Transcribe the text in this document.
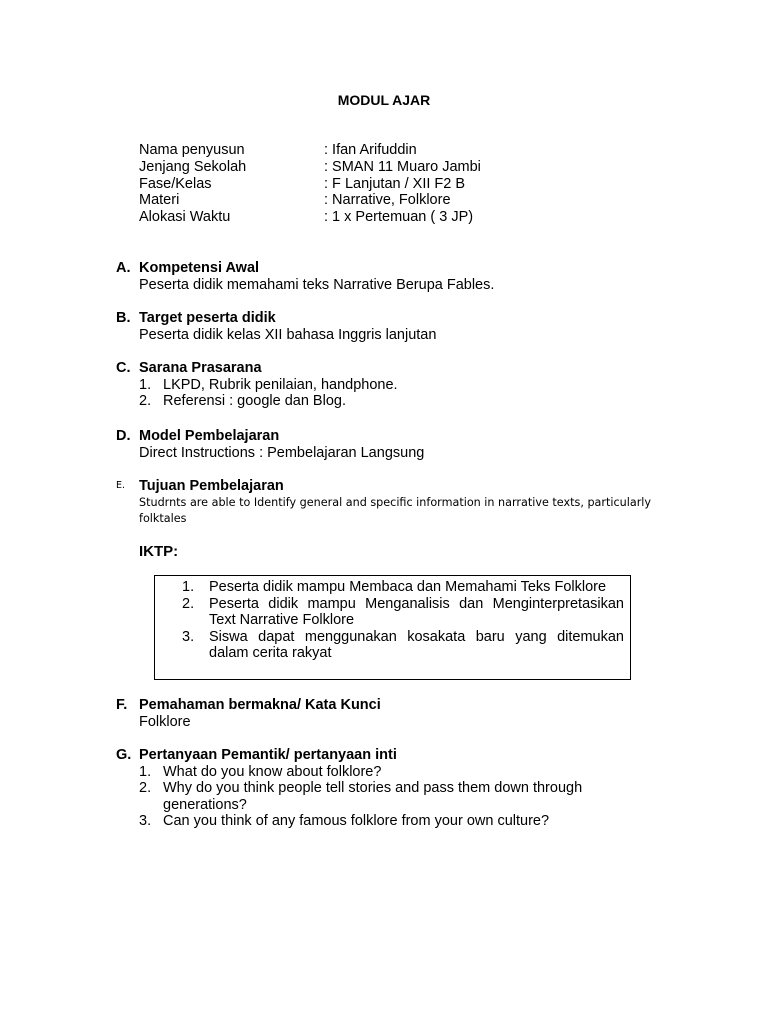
MODUL AJAR
Nama penyusun	: Ifan Arifuddin
Jenjang Sekolah	: SMAN 11 Muaro Jambi
Fase/Kelas	: F Lanjutan / XII F2 B
Materi	: Narrative, Folklore
Alokasi Waktu	: 1 x Pertemuan ( 3 JP)
A. Kompetensi Awal
Peserta didik memahami teks Narrative Berupa Fables.
B. Target peserta didik
Peserta didik kelas XII bahasa Inggris lanjutan
C. Sarana Prasarana
1. LKPD, Rubrik penilaian, handphone.
2. Referensi : google dan Blog.
D. Model Pembelajaran
Direct Instructions : Pembelajaran Langsung
E. Tujuan Pembelajaran
Studrnts are able to Identify general and specific information in narrative texts, particularly folktales
IKTP:
1.	Peserta didik mampu Membaca dan Memahami Teks Folklore
2.	Peserta didik mampu Menganalisis dan Menginterpretasikan Text Narrative Folklore
3.	Siswa dapat menggunakan kosakata baru yang ditemukan dalam cerita rakyat
F. Pemahaman bermakna/ Kata Kunci
Folklore
G. Pertanyaan Pemantik/ pertanyaan inti
1. What do you know about folklore?
2. Why do you think people tell stories and pass them down through generations?
3. Can you think of any famous folklore from your own culture?
